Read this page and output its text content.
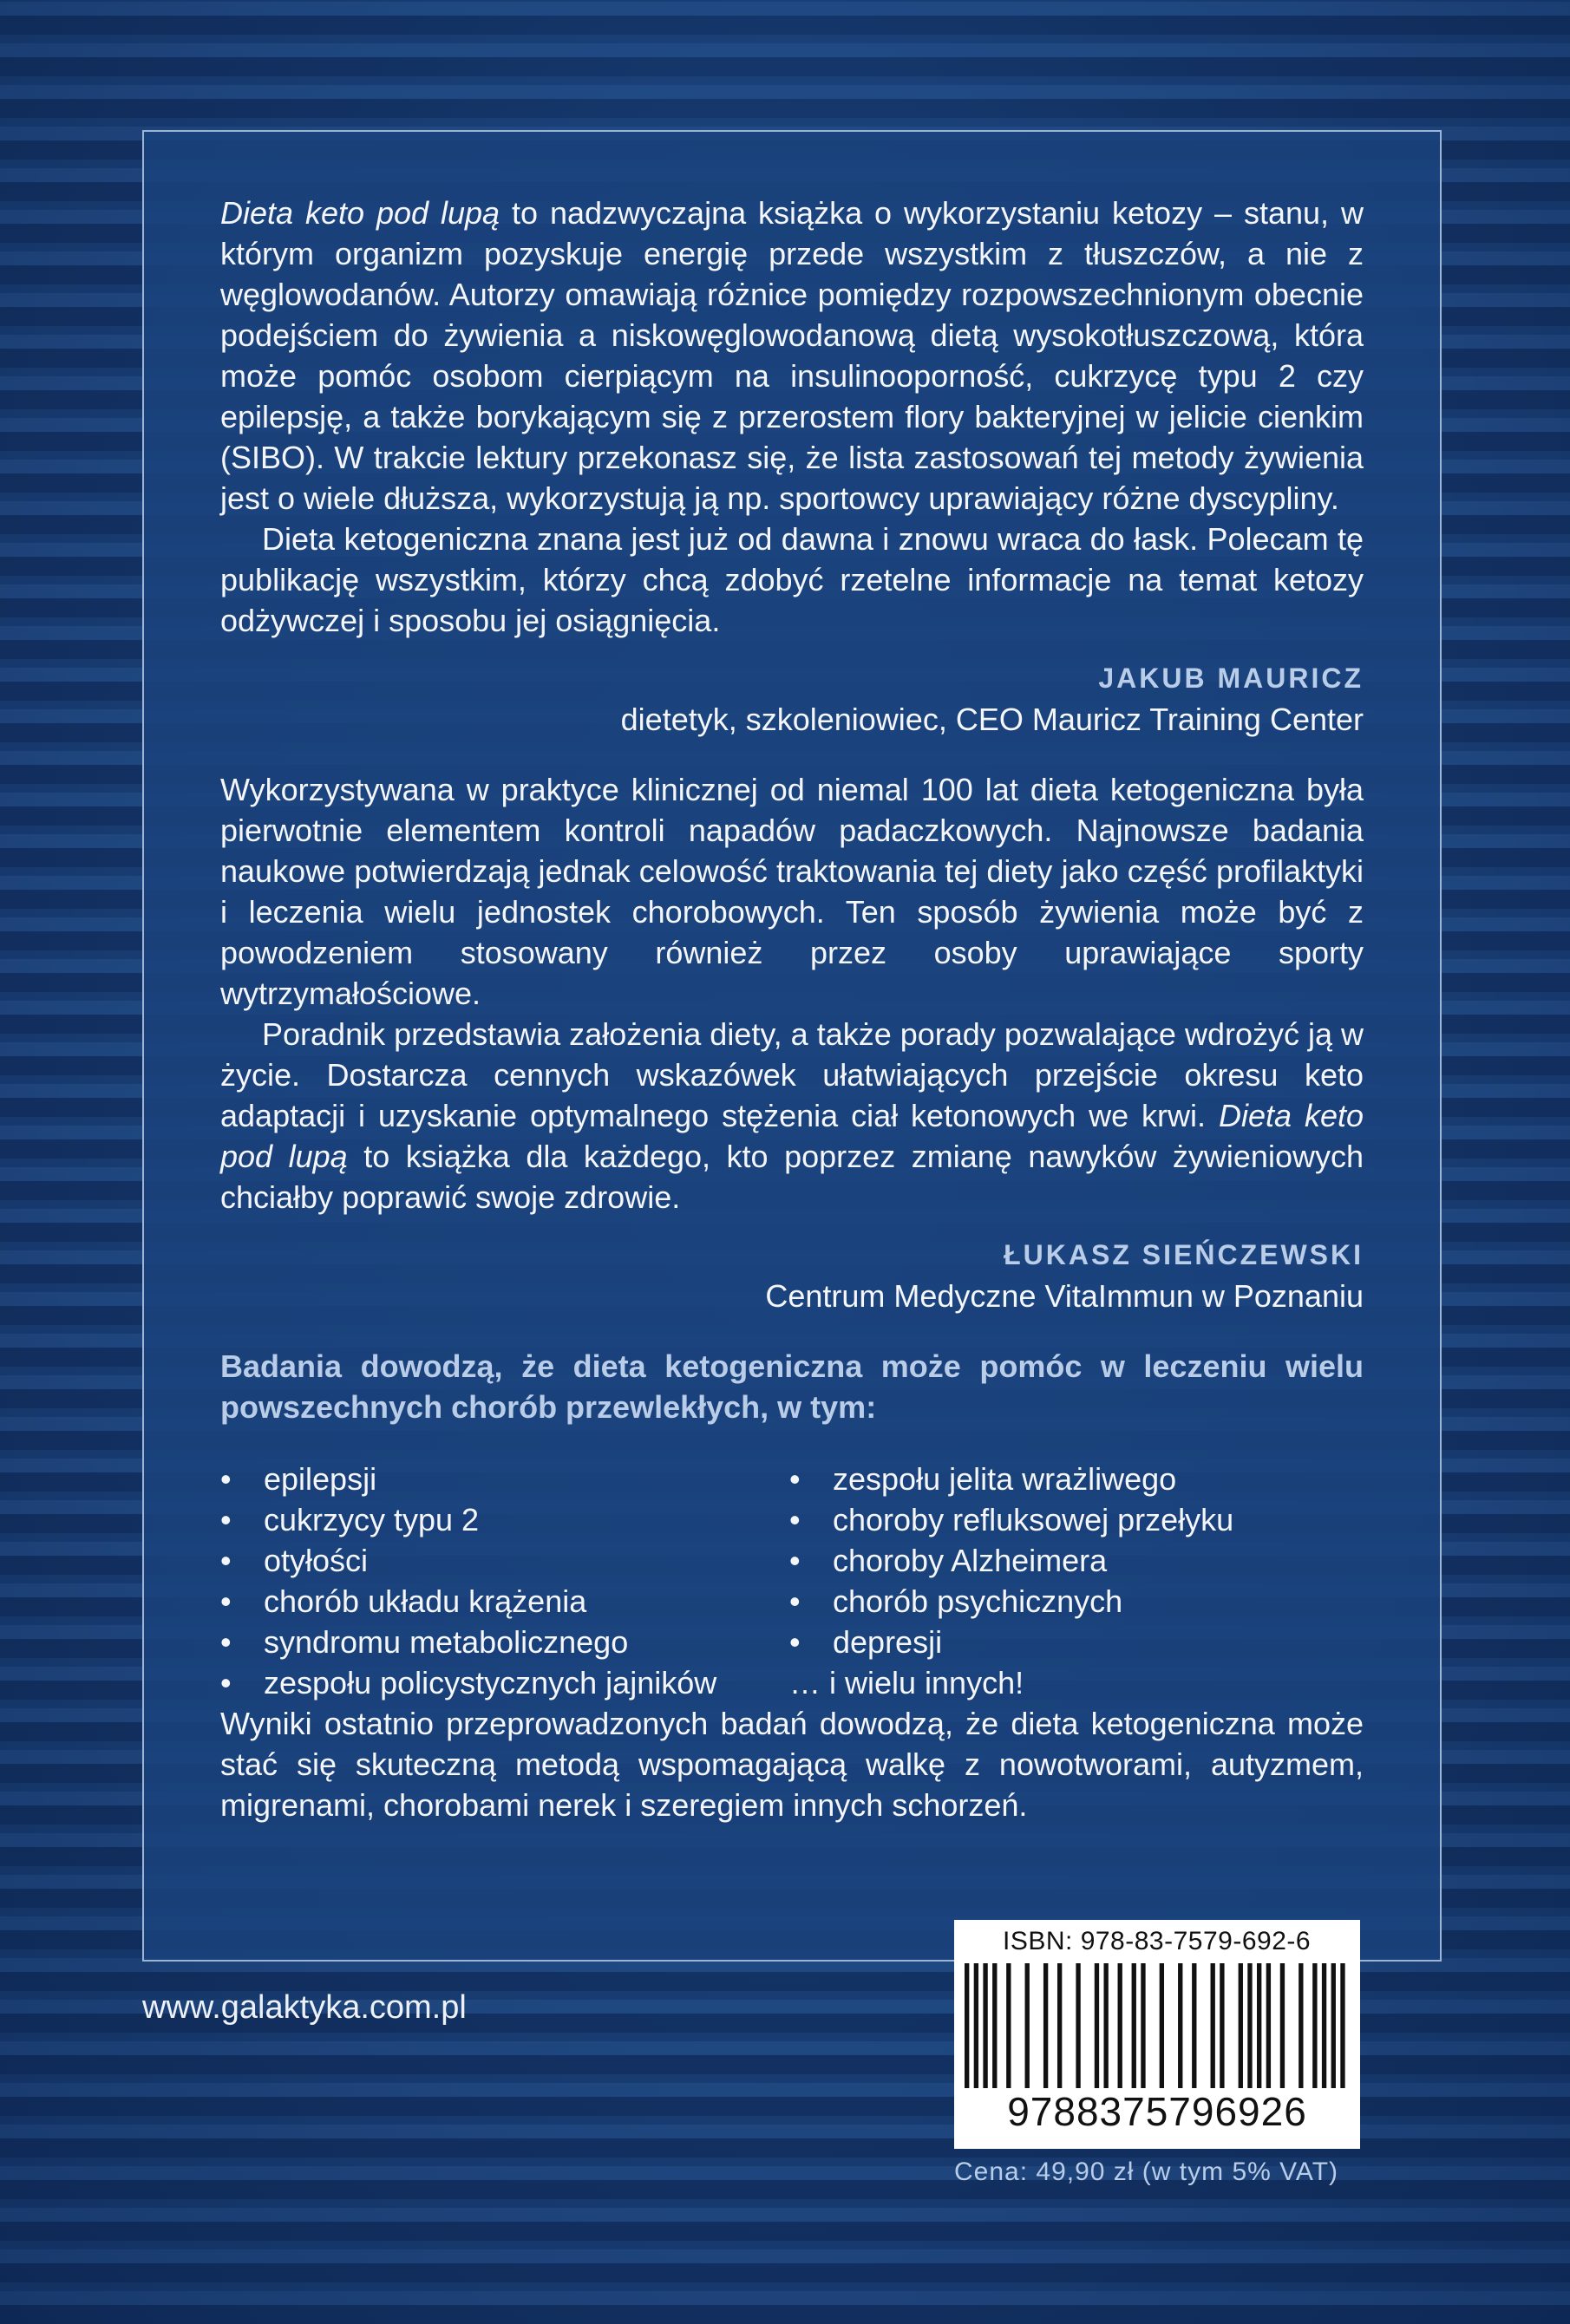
Dieta keto pod lupą to nadzwyczajna książka o wykorzystaniu ketozy – stanu, w którym organizm pozyskuje energię przede wszystkim z tłuszczów, a nie z węglowodanów. Autorzy omawiają różnice pomiędzy rozpowszechnionym obecnie podejściem do żywienia a niskowęglowodanową dietą wysokotłuszczową, która może pomóc osobom cierpiącym na insulinooporność, cukrzycę typu 2 czy epilepsję, a także borykającym się z przerostem flory bakteryjnej w jelicie cienkim (SIBO). W trakcie lektury przekonasz się, że lista zastosowań tej metody żywienia jest o wiele dłuższa, wykorzystują ją np. sportowcy uprawiający różne dyscypliny.

Dieta ketogeniczna znana jest już od dawna i znowu wraca do łask. Polecam tę publikację wszystkim, którzy chcą zdobyć rzetelne informacje na temat ketozy odżywczej i sposobu jej osiągnięcia.

JAKUB MAURICZ
dietetyk, szkoleniowiec, CEO Mauricz Training Center

Wykorzystywana w praktyce klinicznej od niemal 100 lat dieta ketogeniczna była pierwotnie elementem kontroli napadów padaczkowych. Najnowsze badania naukowe potwierdzają jednak celowość traktowania tej diety jako część profilaktyki i leczenia wielu jednostek chorobowych. Ten sposób żywienia może być z powodzeniem stosowany również przez osoby uprawiające sporty wytrzymałościowe.

Poradnik przedstawia założenia diety, a także porady pozwalające wdrożyć ją w życie. Dostarcza cennych wskazówek ułatwiających przejście okresu keto adaptacji i uzyskanie optymalnego stężenia ciał ketonowych we krwi. Dieta keto pod lupą to książka dla każdego, kto poprzez zmianę nawyków żywieniowych chciałby poprawić swoje zdrowie.

ŁUKASZ SIEŃCZEWSKI
Centrum Medyczne VitaImmun w Poznaniu

Badania dowodzą, że dieta ketogeniczna może pomóc w leczeniu wielu powszechnych chorób przewlekłych, w tym:

• epilepsji
• cukrzycy typu 2
• otyłości
• chorób układu krążenia
• syndromu metabolicznego
• zespołu policystycznych jajników
• zespołu jelita wrażliwego
• choroby refluksowej przełyku
• choroby Alzheimera
• chorób psychicznych
• depresji
… i wielu innych!

Wyniki ostatnio przeprowadzonych badań dowodzą, że dieta ketogeniczna może stać się skuteczną metodą wspomagającą walkę z nowotworami, autyzmem, migrenami, chorobami nerek i szeregiem innych schorzeń.

www.galaktyka.com.pl
ISBN: 978-83-7579-692-6
9788375796926
Cena: 49,90 zł (w tym 5% VAT)
